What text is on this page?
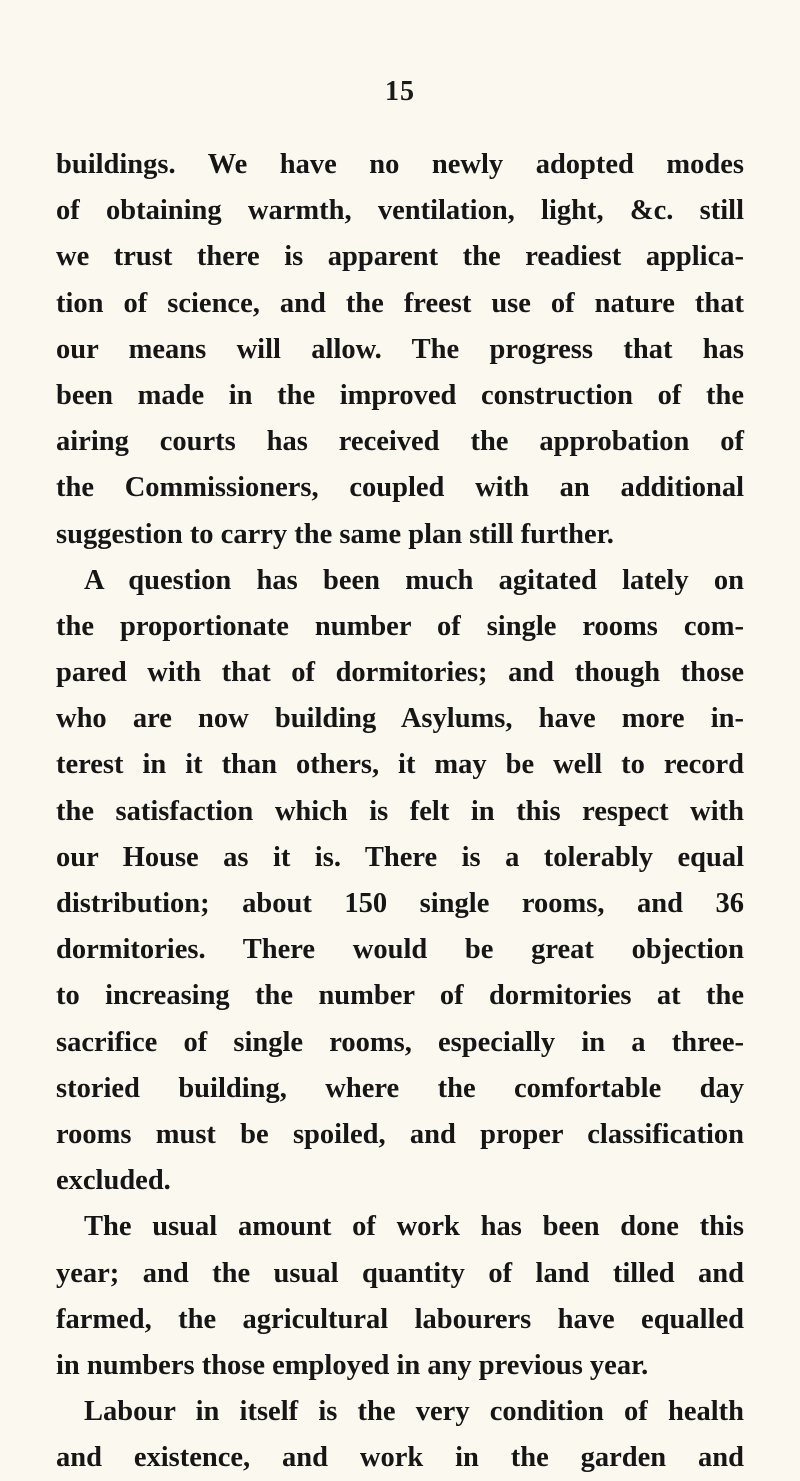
15
buildings. We have no newly adopted modes
of obtaining warmth, ventilation, light, &c. still
we trust there is apparent the readiest applica-
tion of science, and the freest use of nature that
our means will allow. The progress that has
been made in the improved construction of the
airing courts has received the approbation of
the Commissioners, coupled with an additional
suggestion to carry the same plan still further.
A question has been much agitated lately on
the proportionate number of single rooms com-
pared with that of dormitories; and though those
who are now building Asylums, have more in-
terest in it than others, it may be well to record
the satisfaction which is felt in this respect with
our House as it is. There is a tolerably equal
distribution; about 150 single rooms, and 36
dormitories. There would be great objection
to increasing the number of dormitories at the
sacrifice of single rooms, especially in a three-
storied building, where the comfortable day
rooms must be spoiled, and proper classification
excluded.
The usual amount of work has been done this
year; and the usual quantity of land tilled and
farmed, the agricultural labourers have equalled
in numbers those employed in any previous year.
Labour in itself is the very condition of health
and existence, and work in the garden and
